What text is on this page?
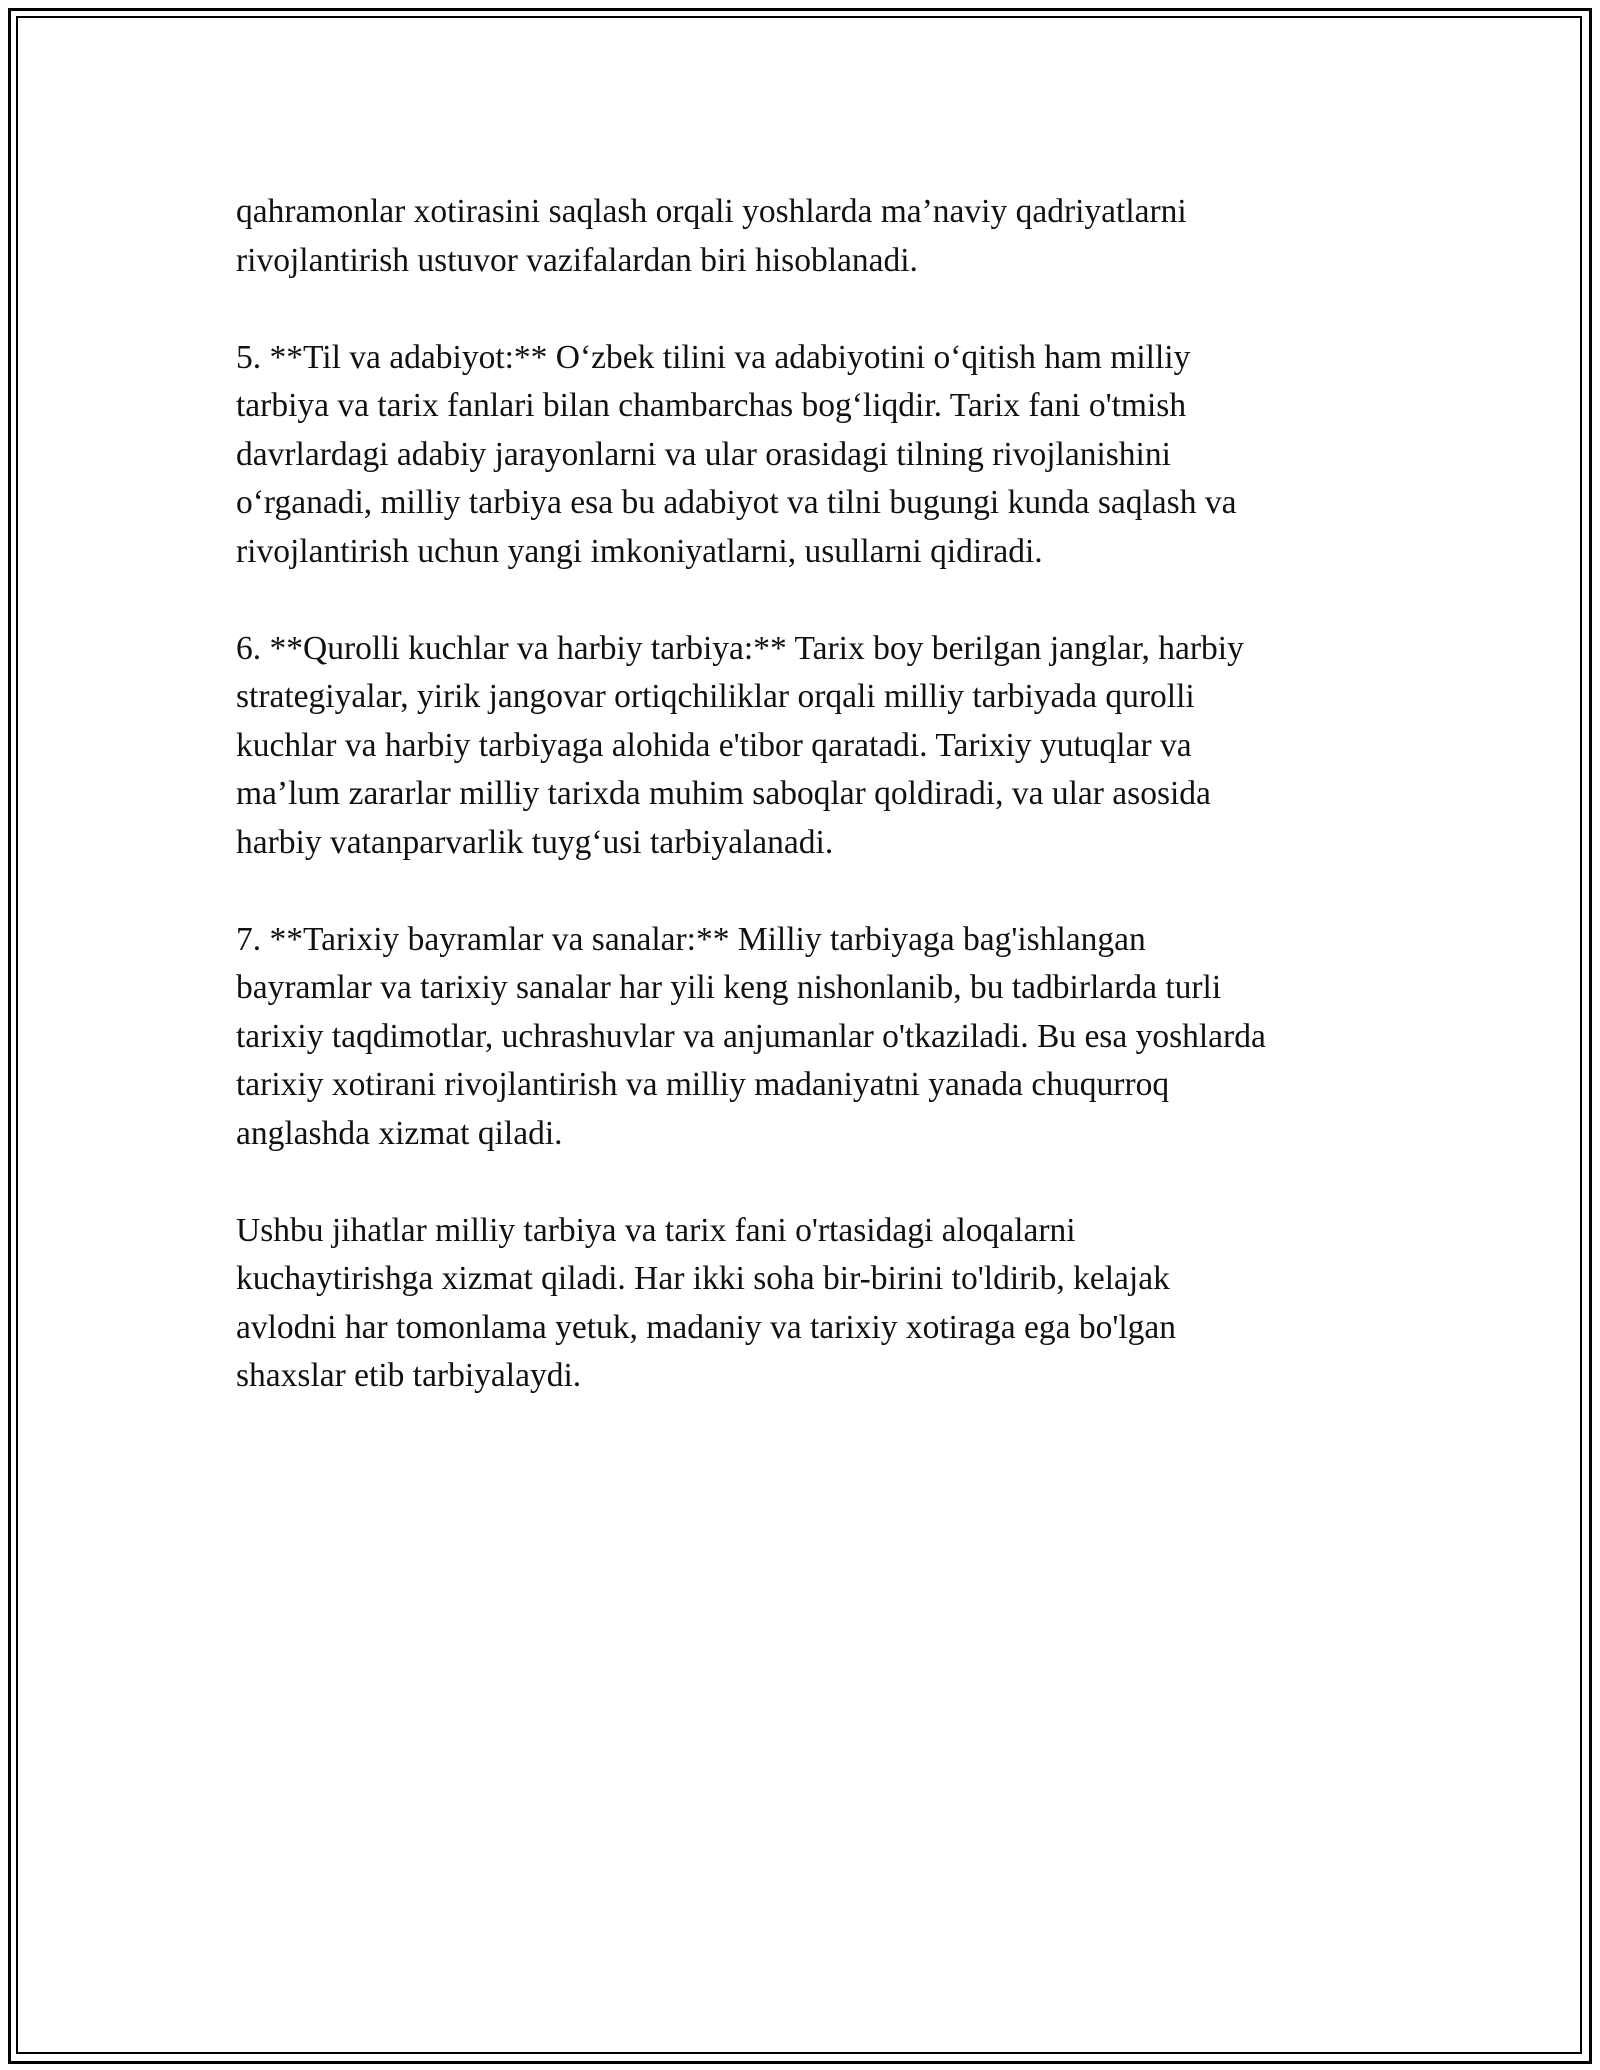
qahramonlar xotirasini saqlash orqali yoshlarda ma’naviy qadriyatlarni
rivojlantirish ustuvor vazifalardan biri hisoblanadi.

5. **Til va adabiyot:** O‘zbek tilini va adabiyotini o‘qitish ham milliy
tarbiya va tarix fanlari bilan chambarchas bog‘liqdir. Tarix fani o'tmish
davrlardagi adabiy jarayonlarni va ular orasidagi tilning rivojlanishini
o‘rganadi, milliy tarbiya esa bu adabiyot va tilni bugungi kunda saqlash va
rivojlantirish uchun yangi imkoniyatlarni, usullarni qidiradi.

6. **Qurolli kuchlar va harbiy tarbiya:** Tarix boy berilgan janglar, harbiy
strategiyalar, yirik jangovar ortiqchiliklar orqali milliy tarbiyada qurolli
kuchlar va harbiy tarbiyaga alohida e'tibor qaratadi. Tarixiy yutuqlar va
ma’lum zararlar milliy tarixda muhim saboqlar qoldiradi, va ular asosida
harbiy vatanparvarlik tuyg‘usi tarbiyalanadi.

7. **Tarixiy bayramlar va sanalar:** Milliy tarbiyaga bag'ishlangan
bayramlar va tarixiy sanalar har yili keng nishonlanib, bu tadbirlarda turli
tarixiy taqdimotlar, uchrashuvlar va anjumanlar o'tkaziladi. Bu esa yoshlarda
tarixiy xotirani rivojlantirish va milliy madaniyatni yanada chuqurroq
anglashda xizmat qiladi.

Ushbu jihatlar milliy tarbiya va tarix fani o'rtasidagi aloqalarni
kuchaytirishga xizmat qiladi. Har ikki soha bir-birini to'ldirib, kelajak
avlodni har tomonlama yetuk, madaniy va tarixiy xotiraga ega bo'lgan
shaxslar etib tarbiyalaydi.
